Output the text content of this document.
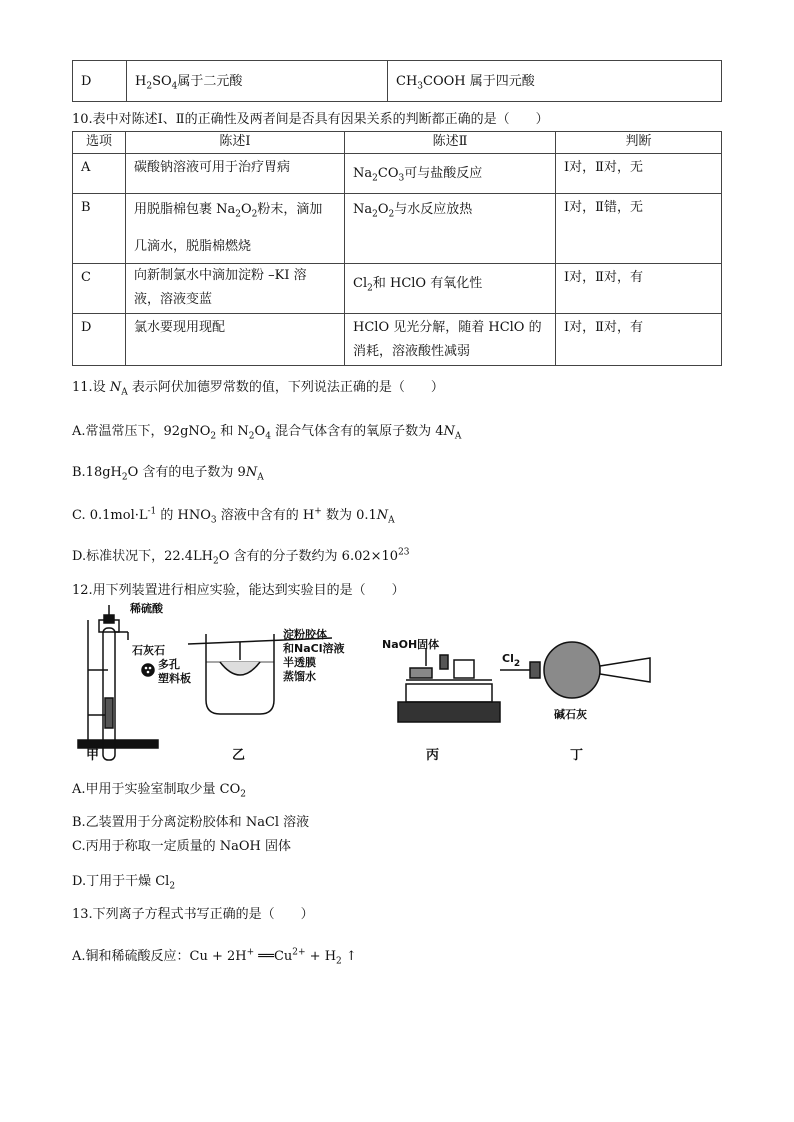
D	$H_2SO_4$属于二元酸	$CH_3COOH$ 属于四元酸
10.表中对陈述Ⅰ、Ⅱ的正确性及两者间是否具有因果关系的判断都正确的是（　　）
选项	陈述Ⅰ	陈述Ⅱ	判断
A	碳酸钠溶液可用于治疗胃病	$Na_2CO_3$可与盐酸反应	Ⅰ对，Ⅱ对，无
B	用脱脂棉包裹 $Na_2O_2$粉末，滴加
几滴水，脱脂棉燃烧	$Na_2O_2$与水反应放热	Ⅰ对，Ⅱ错，无
C	向新制氯水中滴加淀粉 –KI 溶
液，溶液变蓝	$Cl_2$和 HClO 有氧化性	Ⅰ对，Ⅱ对，有
D	氯水要现用现配	HClO 见光分解，随着 HClO 的
消耗，溶液酸性减弱	Ⅰ对，Ⅱ对，有
11.设 $N_A$ 表示阿伏加德罗常数的值，下列说法正确的是（　　）
A.常温常压下，92gNO$_2$ 和 $N_2O_4$ 混合气体含有的氧原子数为 $4N_A$
$B.18gH_2O$ 含有的电子数为 $9N_A$
C. $0.1mol\cdot L^{-1}$ 的 $HNO_3$ 溶液中含有的 H+ 数为 $0.1N_A$
D.标准状况下，$22.4LH_2O$ 含有的分子数约为 $6.02\times 10^{23}$
12.用下列装置进行相应实验，能达到实验目的是（　　）
稀硫酸
石灰石
多孔
塑料板
淀粉胶体
和NaCl溶液
半透膜
蒸馏水
NaOH固体
$Cl_2$
碱石灰
甲	乙	丙	丁
A.甲用于实验室制取少量 $CO_2$
B.乙装置用于分离淀粉胶体和 NaCl 溶液
C.丙用于称取一定质量的 NaOH 固体
D.丁用于干燥 $Cl_2$
13.下列离子方程式书写正确的是（　　）
A.铜和稀硫酸反应：Cu + 2H+ $══Cu^{2+} + H_2$ ↑
